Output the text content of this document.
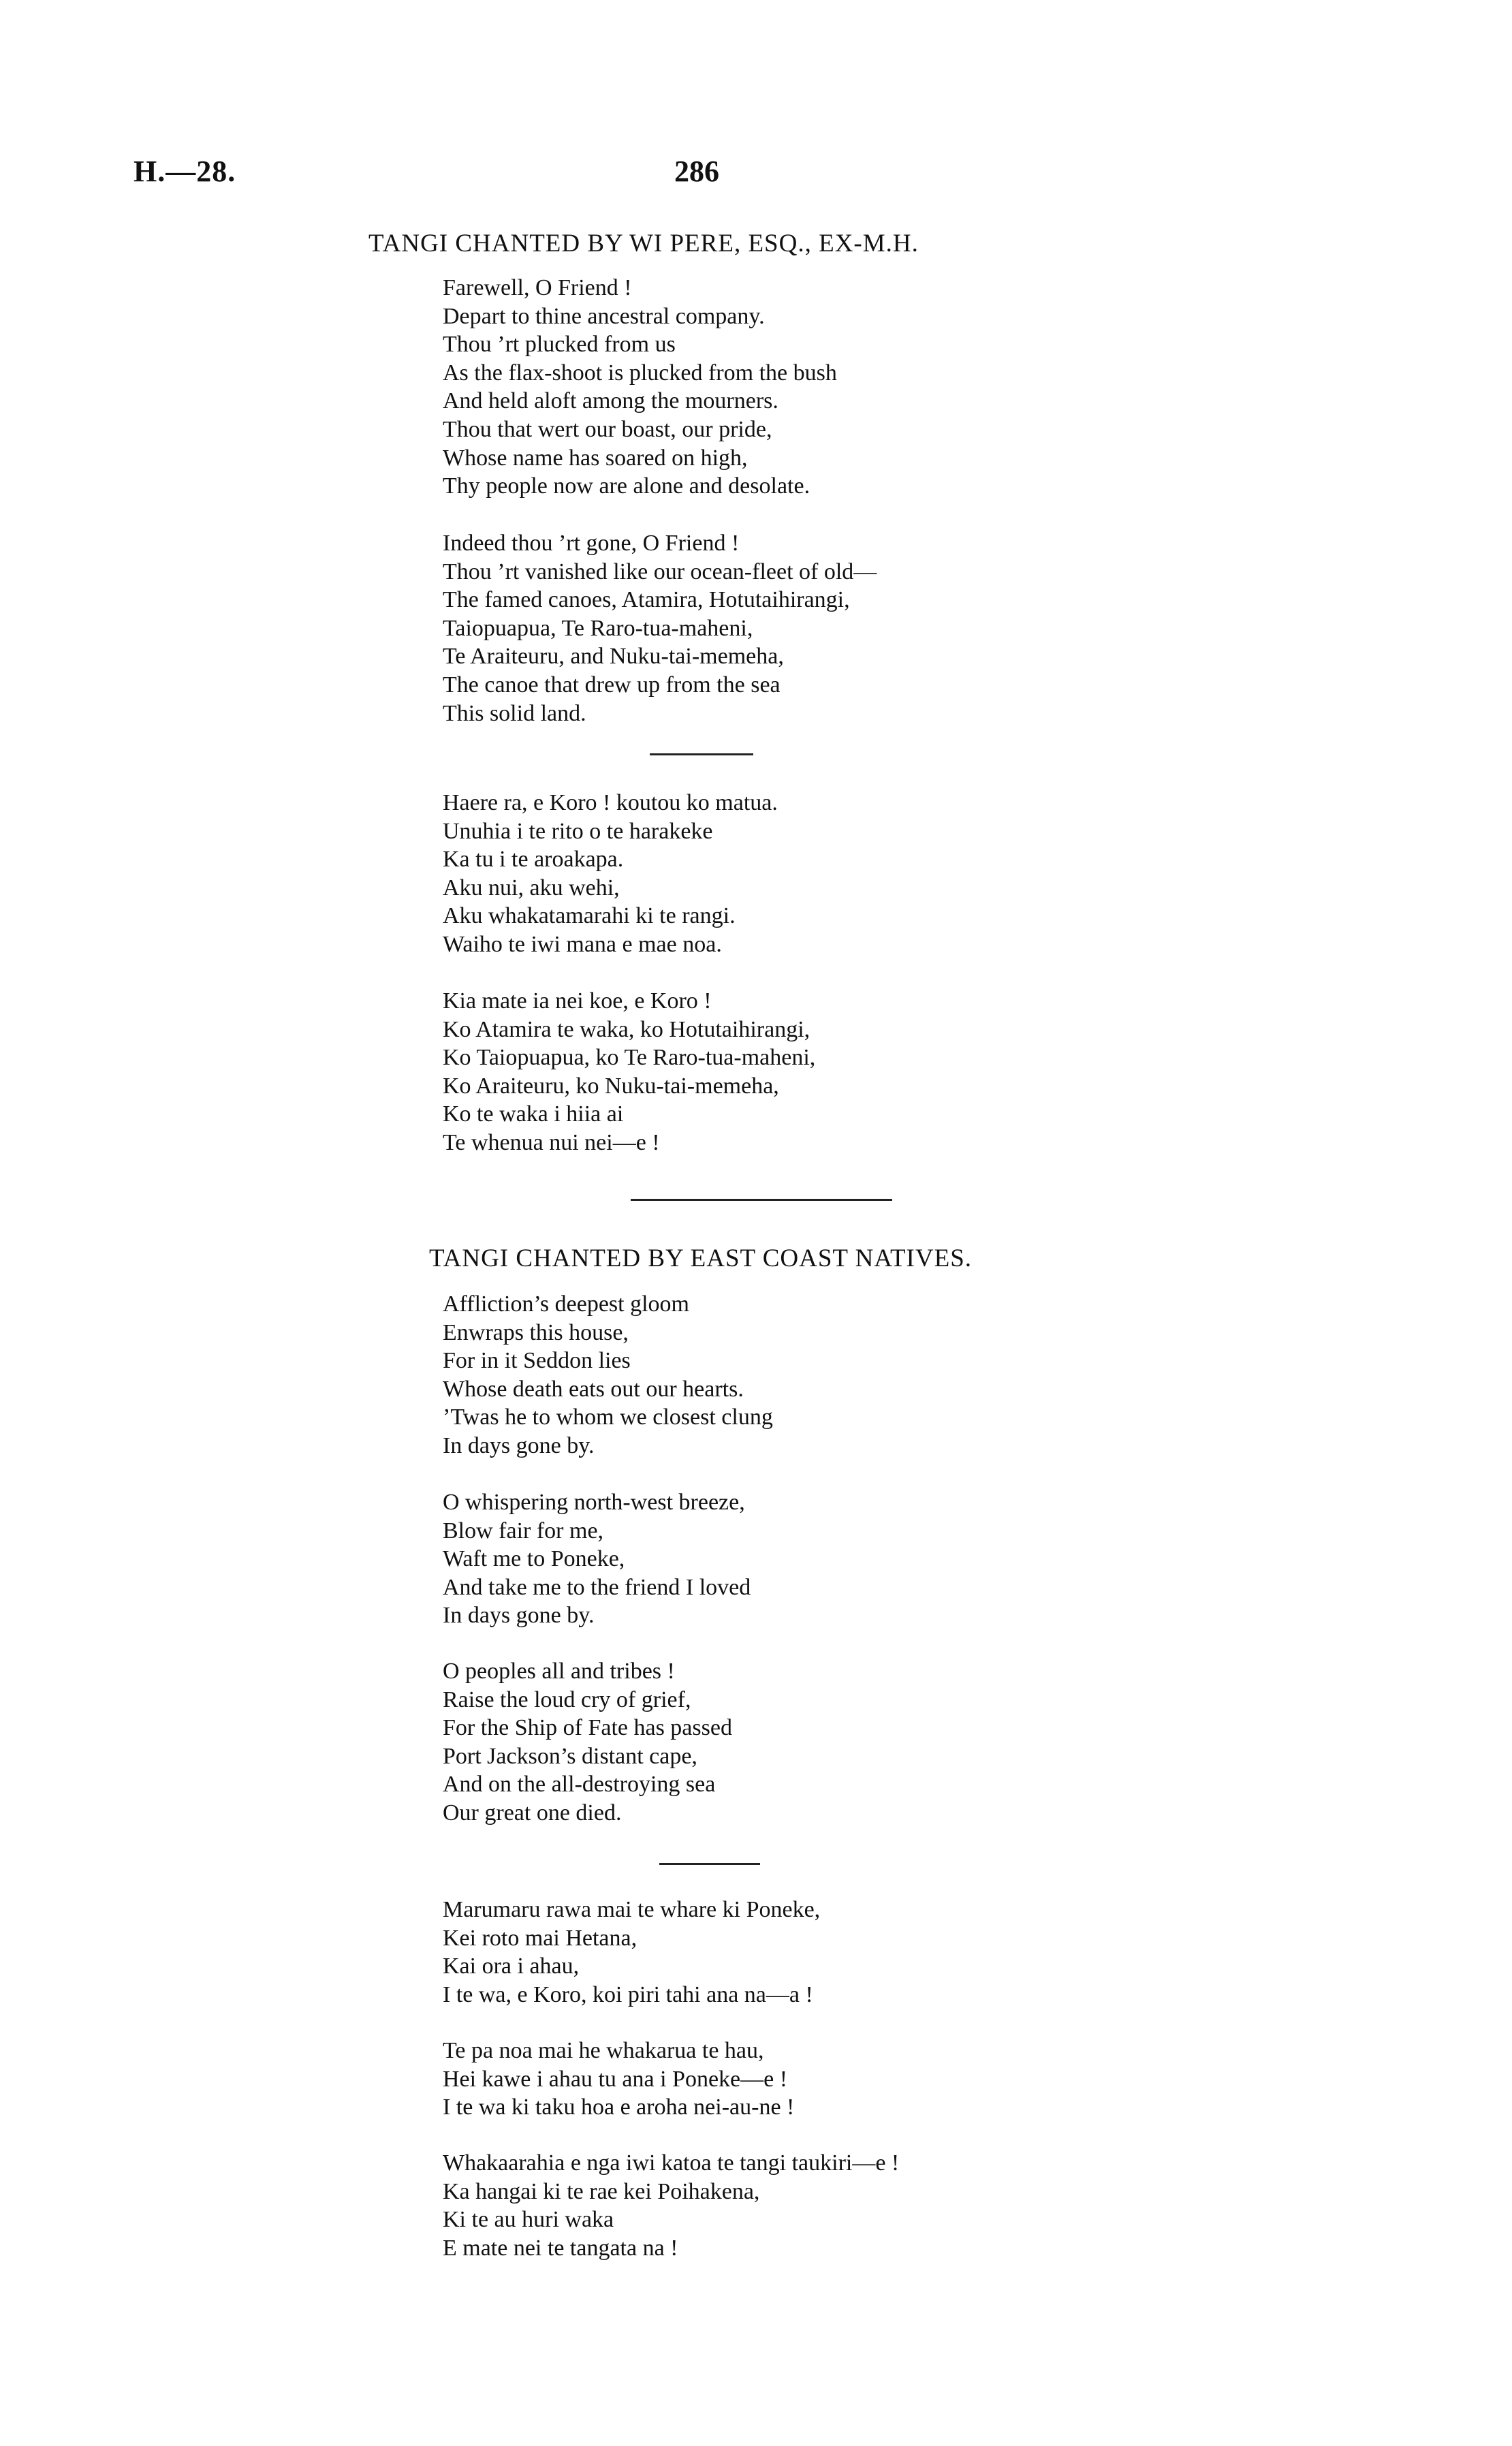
H.—28.	286
TANGI CHANTED BY WI PERE, ESQ., EX-M.H.
Farewell, O Friend !
Depart to thine ancestral company.
Thou ’rt plucked from us
As the flax-shoot is plucked from the bush
And held aloft among the mourners.
Thou that wert our boast, our pride,
Whose name has soared on high,
Thy people now are alone and desolate.
Indeed thou ’rt gone, O Friend !
Thou ’rt vanished like our ocean-fleet of old—
The famed canoes, Atamira, Hotutaihirangi,
Taiopuapua, Te Raro-tua-maheni,
Te Araiteuru, and Nuku-tai-memeha,
The canoe that drew up from the sea
This solid land.
Haere ra, e Koro ! koutou ko matua.
Unuhia i te rito o te harakeke
Ka tu i te aroakapa.
Aku nui, aku wehi,
Aku whakatamarahi ki te rangi.
Waiho te iwi mana e mae noa.
Kia mate ia nei koe, e Koro !
Ko Atamira te waka, ko Hotutaihirangi,
Ko Taiopuapua, ko Te Raro-tua-maheni,
Ko Araiteuru, ko Nuku-tai-memeha,
Ko te waka i hiia ai
Te whenua nui nei—e !
TANGI CHANTED BY EAST COAST NATIVES.
Affliction’s deepest gloom
Enwraps this house,
For in it Seddon lies
Whose death eats out our hearts.
’Twas he to whom we closest clung
In days gone by.
O whispering north-west breeze,
Blow fair for me,
Waft me to Poneke,
And take me to the friend I loved
In days gone by.
O peoples all and tribes !
Raise the loud cry of grief,
For the Ship of Fate has passed
Port Jackson’s distant cape,
And on the all-destroying sea
Our great one died.
Marumaru rawa mai te whare ki Poneke,
Kei roto mai Hetana,
Kai ora i ahau,
I te wa, e Koro, koi piri tahi ana na—a !
Te pa noa mai he whakarua te hau,
Hei kawe i ahau tu ana i Poneke—e !
I te wa ki taku hoa e aroha nei-au-ne !
Whakaarahia e nga iwi katoa te tangi taukiri—e !
Ka hangai ki te rae kei Poihakena,
Ki te au huri waka
E mate nei te tangata na !
